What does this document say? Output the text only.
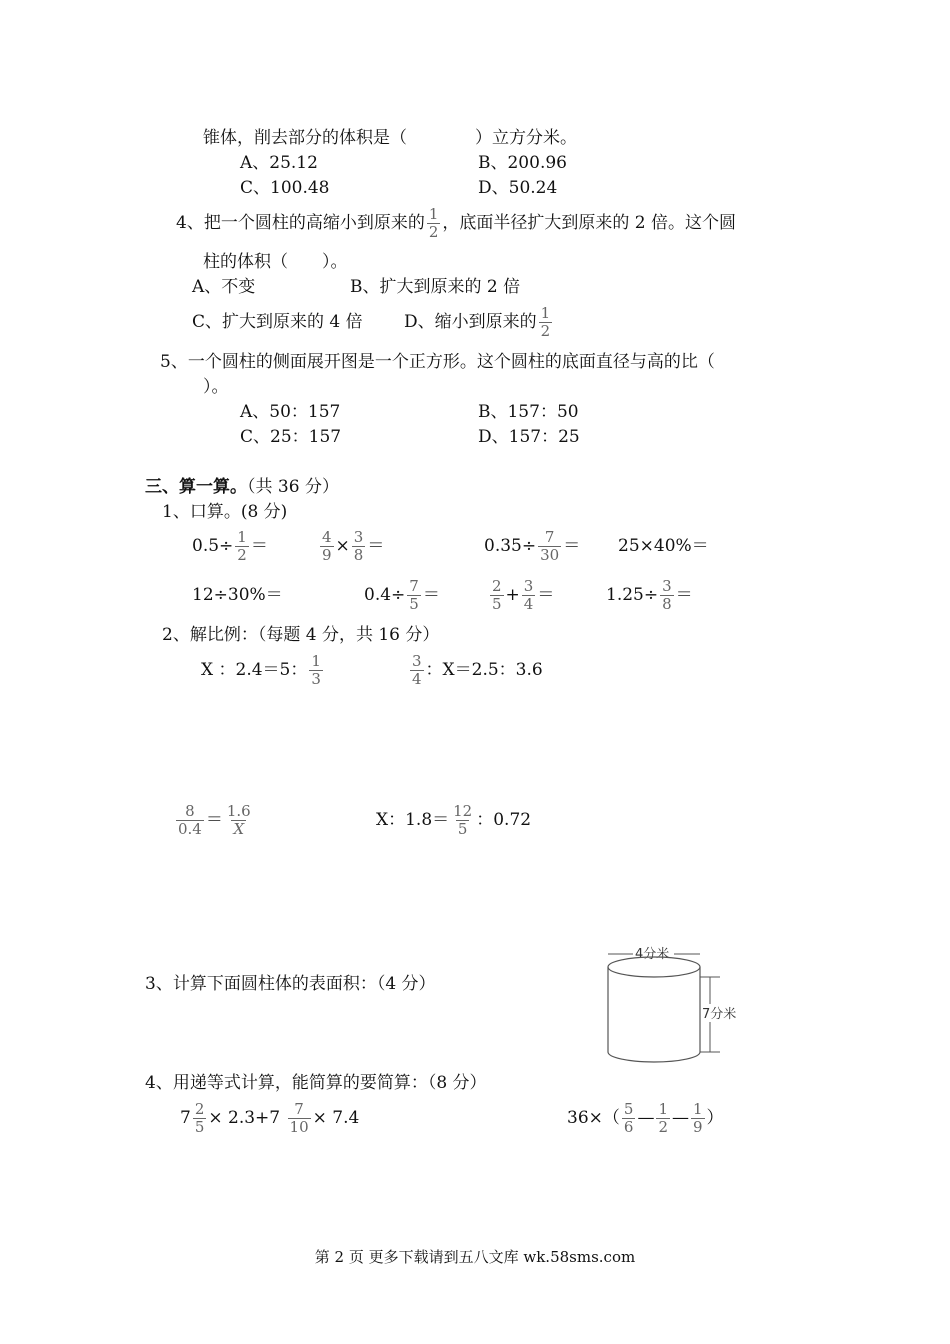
锥体，削去部分的体积是（　　　　）立方分米。
A、25.12	B、200.96
C、100.48	D、50.24
4、把一个圆柱的高缩小到原来的 $\frac{1}{2}$ ，底面半径扩大到原来的 2 倍。这个圆
柱的体积（　　）。
A、不变	B、扩大到原来的 2 倍
C、扩大到原来的 4 倍 D、缩小到原来的 $\frac{1}{2}$
5、一个圆柱的侧面展开图是一个正方形。这个圆柱的底面直径与高的比（
）。
A、50：157	B、157：50
C、25：157	D、157：25
三、算一算。（共 36 分）
1、口算。(8 分)
$0.5\div \frac{1}{2}$ ＝	$\frac{4}{9} \times \frac{3}{8}$ ＝	$0.35\div \frac{7}{30} = 25\times 40\%=$
12÷30%＝	$0.4\div \frac{7}{5}$ ＝	$\frac{2}{5} + \frac{3}{4}$ ＝	$1.25\div \frac{3}{8}$ ＝
2、解比例：（每题 4 分，共 16 分）
X ：2.4＝5： $\frac{1}{3}$	$\frac{3}{4}$ ：X＝2.5：3.6
$\frac{8}{0.4} = \frac{1.6}{X}$	X：$1.8= \frac{12}{5}$ ：0.72
3、计算下面圆柱体的表面积：（4 分）
4分米
7分米
4、用递等式计算，能简算的要简算：（8 分）
$7 \frac{2}{5} \times 2.3+7 \frac{7}{10} \times 7.4$	$36\times( \frac{5}{6}$ — $\frac{1}{2}$ — $\frac{1}{9}$ ）
第 2 页 更多下载请到五八文库 wk.58sms.com
